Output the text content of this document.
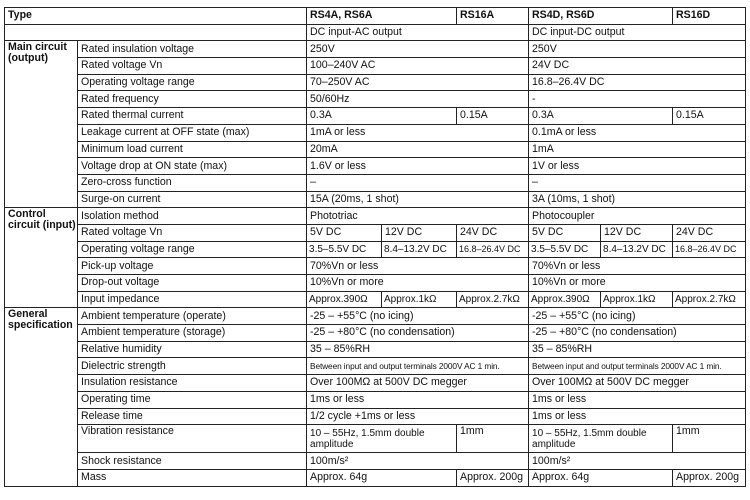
Type		RS4A, RS6A		RS16A	RS4D, RS6D		RS16D
		DC input-AC output			DC input-DC output		
Main circuit (output)	Rated insulation voltage	250V			250V		
	Rated voltage Vn	100–240V AC			24V DC		
	Operating voltage range	70–250V AC			16.8–26.4V DC		
	Rated frequency	50/60Hz			-		
	Rated thermal current	0.3A		0.15A	0.3A		0.15A
	Leakage current at OFF state (max)	1mA or less			0.1mA or less		
	Minimum load current	20mA			1mA		
	Voltage drop at ON state (max)	1.6V or less			1V or less		
	Zero-cross function	–			–		
	Surge-on current	15A (20ms, 1 shot)			3A (10ms, 1 shot)		
Control circuit (input)	Isolation method	Phototriac			Photocoupler		
	Rated voltage Vn	5V DC	12V DC	24V DC	5V DC	12V DC	24V DC
	Operating voltage range	3.5–5.5V DC	8.4–13.2V DC	16.8–26.4V DC	3.5–5.5V DC	8.4–13.2V DC	16.8–26.4V DC
	Pick-up voltage	70%Vn or less			70%Vn or less		
	Drop-out voltage	10%Vn or more			10%Vn or more		
	Input impedance	Approx.390Ω	Approx.1kΩ	Approx.2.7kΩ	Approx.390Ω	Approx.1kΩ	Approx.2.7kΩ
General specification	Ambient temperature (operate)	-25 – +55°C (no icing)			-25 – +55°C (no icing)		
	Ambient temperature (storage)	-25 – +80°C (no condensation)			-25 – +80°C (no condensation)		
	Relative humidity	35 – 85%RH			35 – 85%RH		
	Dielectric strength	Between input and output terminals 2000V AC 1 min.			Between input and output terminals 2000V AC 1 min.		
	Insulation resistance	Over 100MΩ at 500V DC megger			Over 100MΩ at 500V DC megger		
	Operating time	1ms or less			1ms or less		
	Release time	1/2 cycle +1ms or less			1ms or less		
	Vibration resistance	10 – 55Hz, 1.5mm double amplitude		1mm	10 – 55Hz, 1.5mm double amplitude		1mm
	Shock resistance	100m/s²			100m/s²		
	Mass	Approx. 64g		Approx. 200g	Approx. 64g		Approx. 200g
